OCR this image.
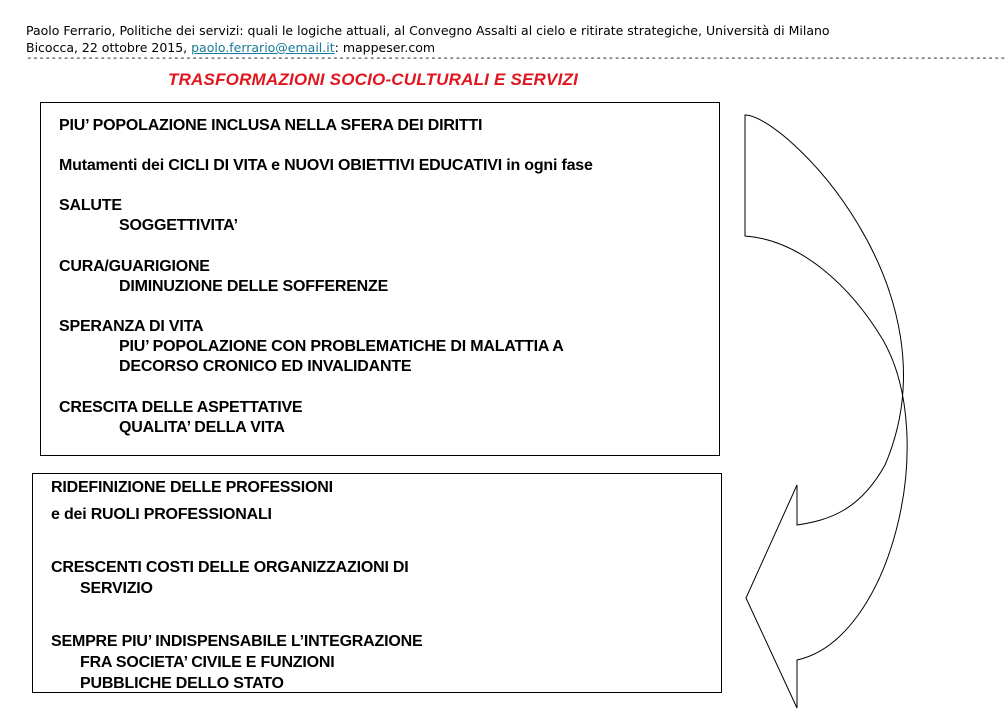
Paolo Ferrario, Politiche dei servizi: quali le logiche attuali, al Convegno Assalti al cielo e ritirate strategiche, Università di Milano
Bicocca, 22 ottobre 2015, paolo.ferrario@email.it: mappeser.com
----------------------------------------------------------------------------------------------------------------------------------------------------------------
TRASFORMAZIONI SOCIO-CULTURALI E SERVIZI
PIU’ POPOLAZIONE INCLUSA NELLA SFERA DEI DIRITTI
Mutamenti dei CICLI DI VITA e NUOVI OBIETTIVI EDUCATIVI in ogni fase
SALUTE
SOGGETTIVITA’
CURA/GUARIGIONE
DIMINUZIONE DELLE SOFFERENZE
SPERANZA DI VITA
PIU’ POPOLAZIONE CON PROBLEMATICHE DI MALATTIA A
DECORSO CRONICO ED INVALIDANTE
CRESCITA DELLE ASPETTATIVE
QUALITA’ DELLA VITA
RIDEFINIZIONE DELLE PROFESSIONI
e dei RUOLI PROFESSIONALI
CRESCENTI COSTI DELLE ORGANIZZAZIONI DI
SERVIZIO
SEMPRE PIU’ INDISPENSABILE L’INTEGRAZIONE
FRA SOCIETA’ CIVILE E FUNZIONI
PUBBLICHE DELLO STATO
